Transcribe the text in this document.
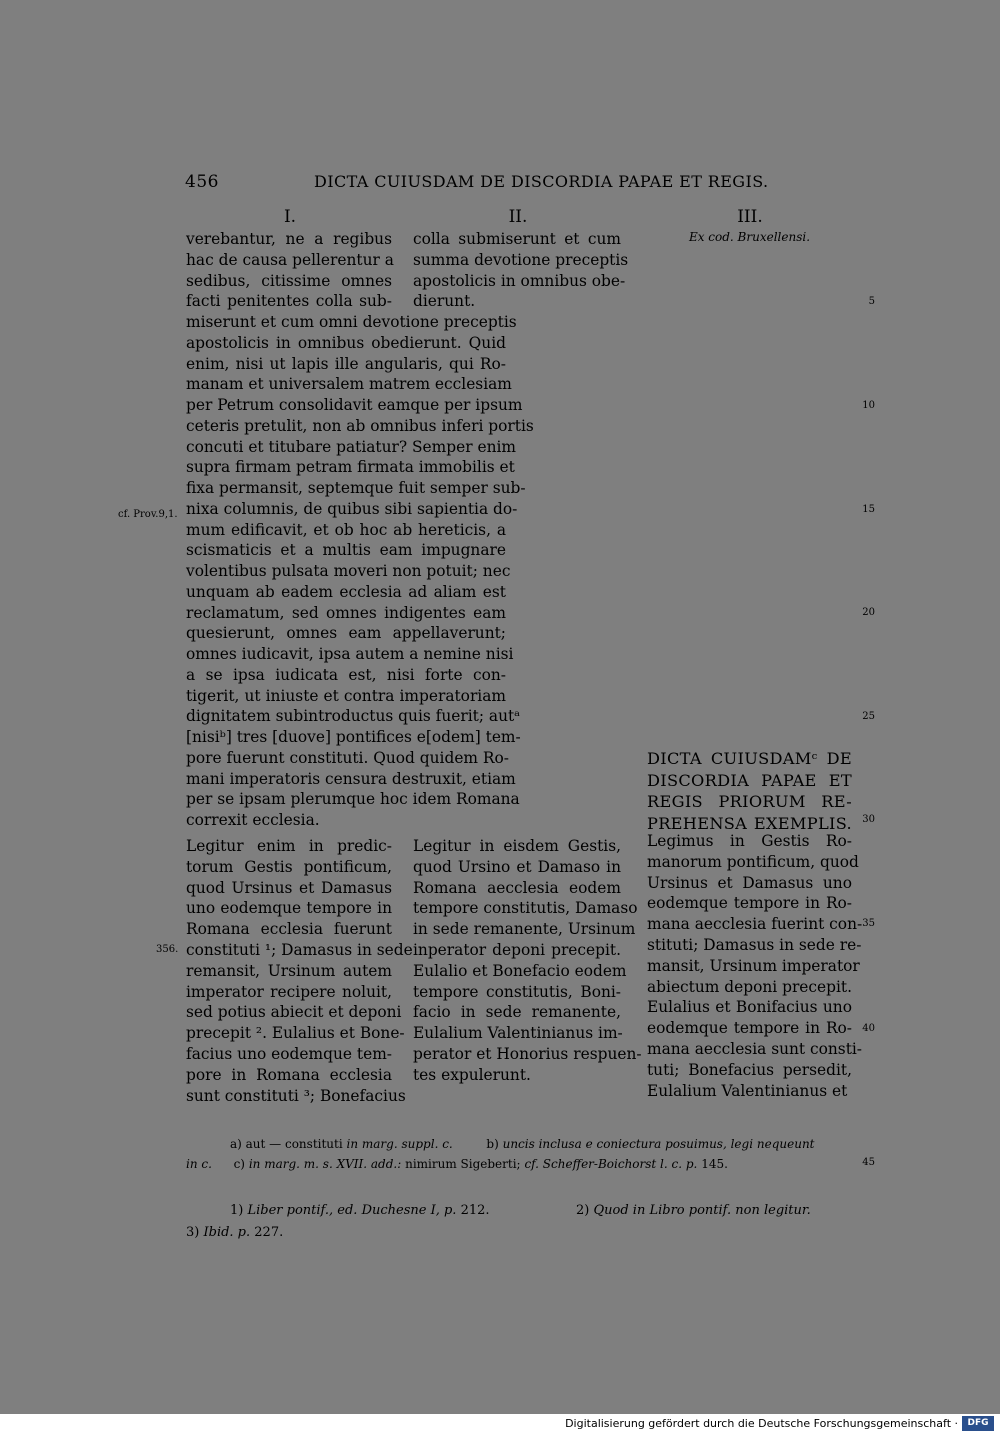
456	DICTA CUIUSDAM DE DISCORDIA PAPAE ET REGIS.
I.	II.	III.
Ex cod. Bruxellensi.
verebantur, ne a regibus
hac de causa pellerentur a
sedibus, citissime omnes
facti penitentes colla sub-
colla submiserunt et cum
summa devotione preceptis
apostolicis in omnibus obe-
dierunt.
miserunt et cum omni devotione preceptis
apostolicis in omnibus obedierunt. Quid
enim, nisi ut lapis ille angularis, qui Ro-
manam et universalem matrem ecclesiam
per Petrum consolidavit eamque per ipsum
ceteris pretulit, non ab omnibus inferi portis
concuti et titubare patiatur? Semper enim
supra firmam petram firmata immobilis et
fixa permansit, septemque fuit semper sub-
nixa columnis, de quibus sibi sapientia do-
mum edificavit, et ob hoc ab hereticis, a
scismaticis et a multis eam impugnare
volentibus pulsata moveri non potuit; nec
unquam ab eadem ecclesia ad aliam est
reclamatum, sed omnes indigentes eam
quesierunt, omnes eam appellaverunt;
omnes iudicavit, ipsa autem a nemine nisi
a se ipsa iudicata est, nisi forte con-
tigerit, ut iniuste et contra imperatoriam
dignitatem subintroductus quis fuerit; autᵃ
[nisiᵇ] tres [duove] pontifices e[odem] tem-
pore fuerunt constituti. Quod quidem Ro-
mani imperatoris censura destruxit, etiam
per se ipsam plerumque hoc idem Romana
correxit ecclesia.
Legitur enim in predic-
torum Gestis pontificum,
quod Ursinus et Damasus
uno eodemque tempore in
Romana ecclesia fuerunt
constituti ¹; Damasus in sede
remansit, Ursinum autem
imperator recipere noluit,
sed potius abiecit et deponi
precepit ². Eulalius et Bone-
facius uno eodemque tem-
pore in Romana ecclesia
sunt constituti ³; Bonefacius
Legitur in eisdem Gestis,
quod Ursino et Damaso in
Romana aecclesia eodem
tempore constitutis, Damaso
in sede remanente, Ursinum
inperator deponi precepit.
Eulalio et Bonefacio eodem
tempore constitutis, Boni-
facio in sede remanente,
Eulalium Valentinianus im-
perator et Honorius respuen-
tes expulerunt.
DICTA CUIUSDAMᶜ DE
DISCORDIA PAPAE ET
REGIS PRIORUM RE-
PREHENSA EXEMPLIS.
Legimus in Gestis Ro-
manorum pontificum, quod
Ursinus et Damasus uno
eodemque tempore in Ro-
mana aecclesia fuerint con-
stituti; Damasus in sede re-
mansit, Ursinum imperator
abiectum deponi precepit.
Eulalius et Bonifacius uno
eodemque tempore in Ro-
mana aecclesia sunt consti-
tuti; Bonefacius persedit,
Eulalium Valentinianus et
5
10
15
20
25
30
35
40
45
cf. Prov.9,1.
356.
a) aut — constituti in marg. suppl. c.	b) uncis inclusa e coniectura posuimus, legi nequeunt
in c. c) in marg. m. s. XVII. add.: nimirum Sigeberti; cf. Scheffer-Boichorst l. c. p. 145.
1) Liber pontif., ed. Duchesne I, p. 212.	2) Quod in Libro pontif. non legitur.
3) Ibid. p. 227.
Digitalisierung gefördert durch die Deutsche Forschungsgemeinschaft ·	DFG
